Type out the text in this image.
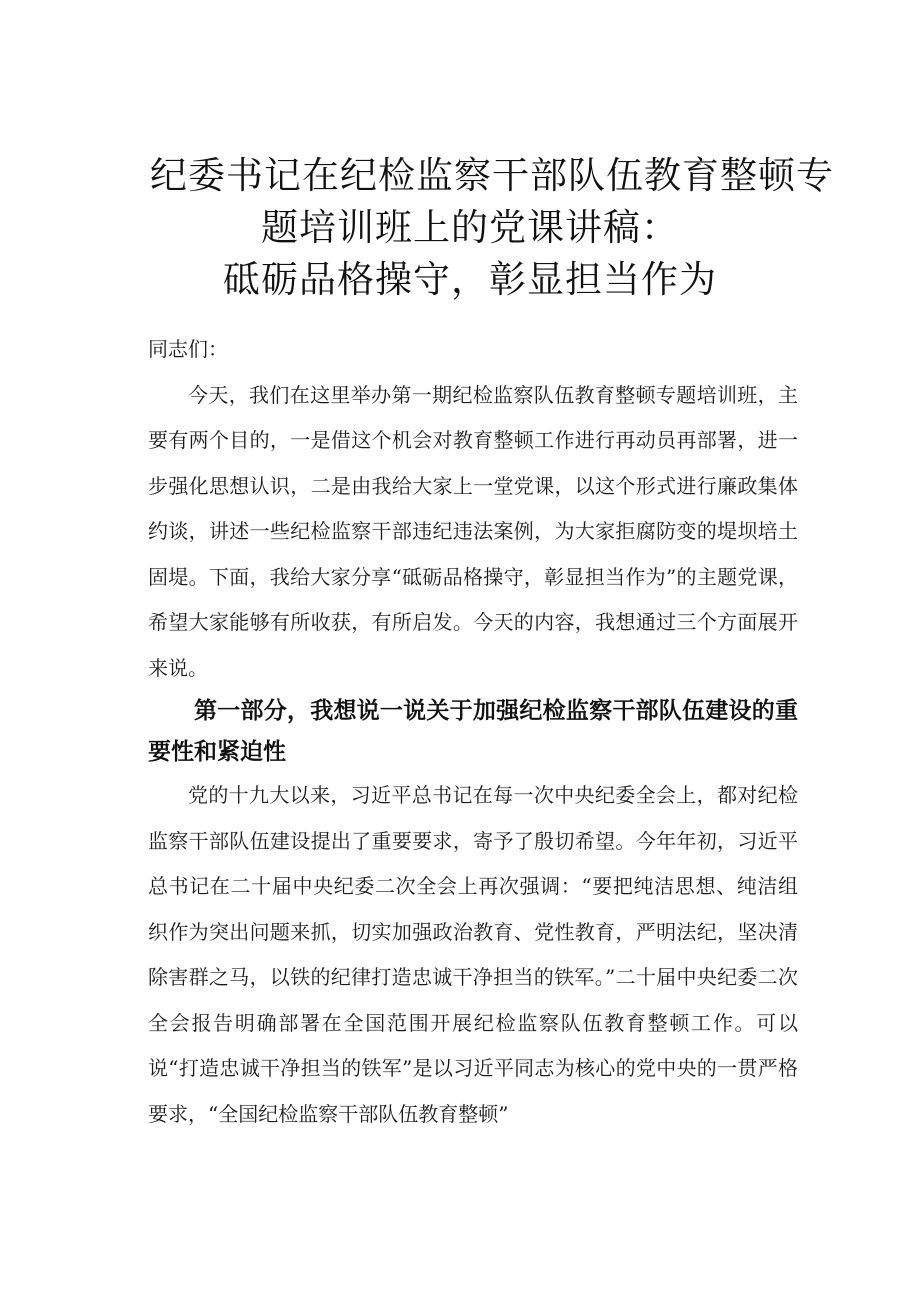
纪委书记在纪检监察干部队伍教育整顿专
题培训班上的党课讲稿：
砥砺品格操守，彰显担当作为

同志们：

今天，我们在这里举办第一期纪检监察队伍教育整顿专题培训班，主要有两个目的，一是借这个机会对教育整顿工作进行再动员再部署，进一步强化思想认识，二是由我给大家上一堂党课，以这个形式进行廉政集体约谈，讲述一些纪检监察干部违纪违法案例，为大家拒腐防变的堤坝培土固堤。下面，我给大家分享“砥砺品格操守，彰显担当作为”的主题党课，希望大家能够有所收获，有所启发。今天的内容，我想通过三个方面展开来说。

第一部分，我想说一说关于加强纪检监察干部队伍建设的重要性和紧迫性

党的十九大以来，习近平总书记在每一次中央纪委全会上，都对纪检监察干部队伍建设提出了重要要求，寄予了殷切希望。今年年初，习近平总书记在二十届中央纪委二次全会上再次强调：“要把纯洁思想、纯洁组织作为突出问题来抓，切实加强政治教育、党性教育，严明法纪，坚决清除害群之马，以铁的纪律打造忠诚干净担当的铁军。”二十届中央纪委二次全会报告明确部署在全国范围开展纪检监察队伍教育整顿工作。可以说“打造忠诚干净担当的铁军”是以习近平同志为核心的党中央的一贯严格要求，“全国纪检监察干部队伍教育整顿”
